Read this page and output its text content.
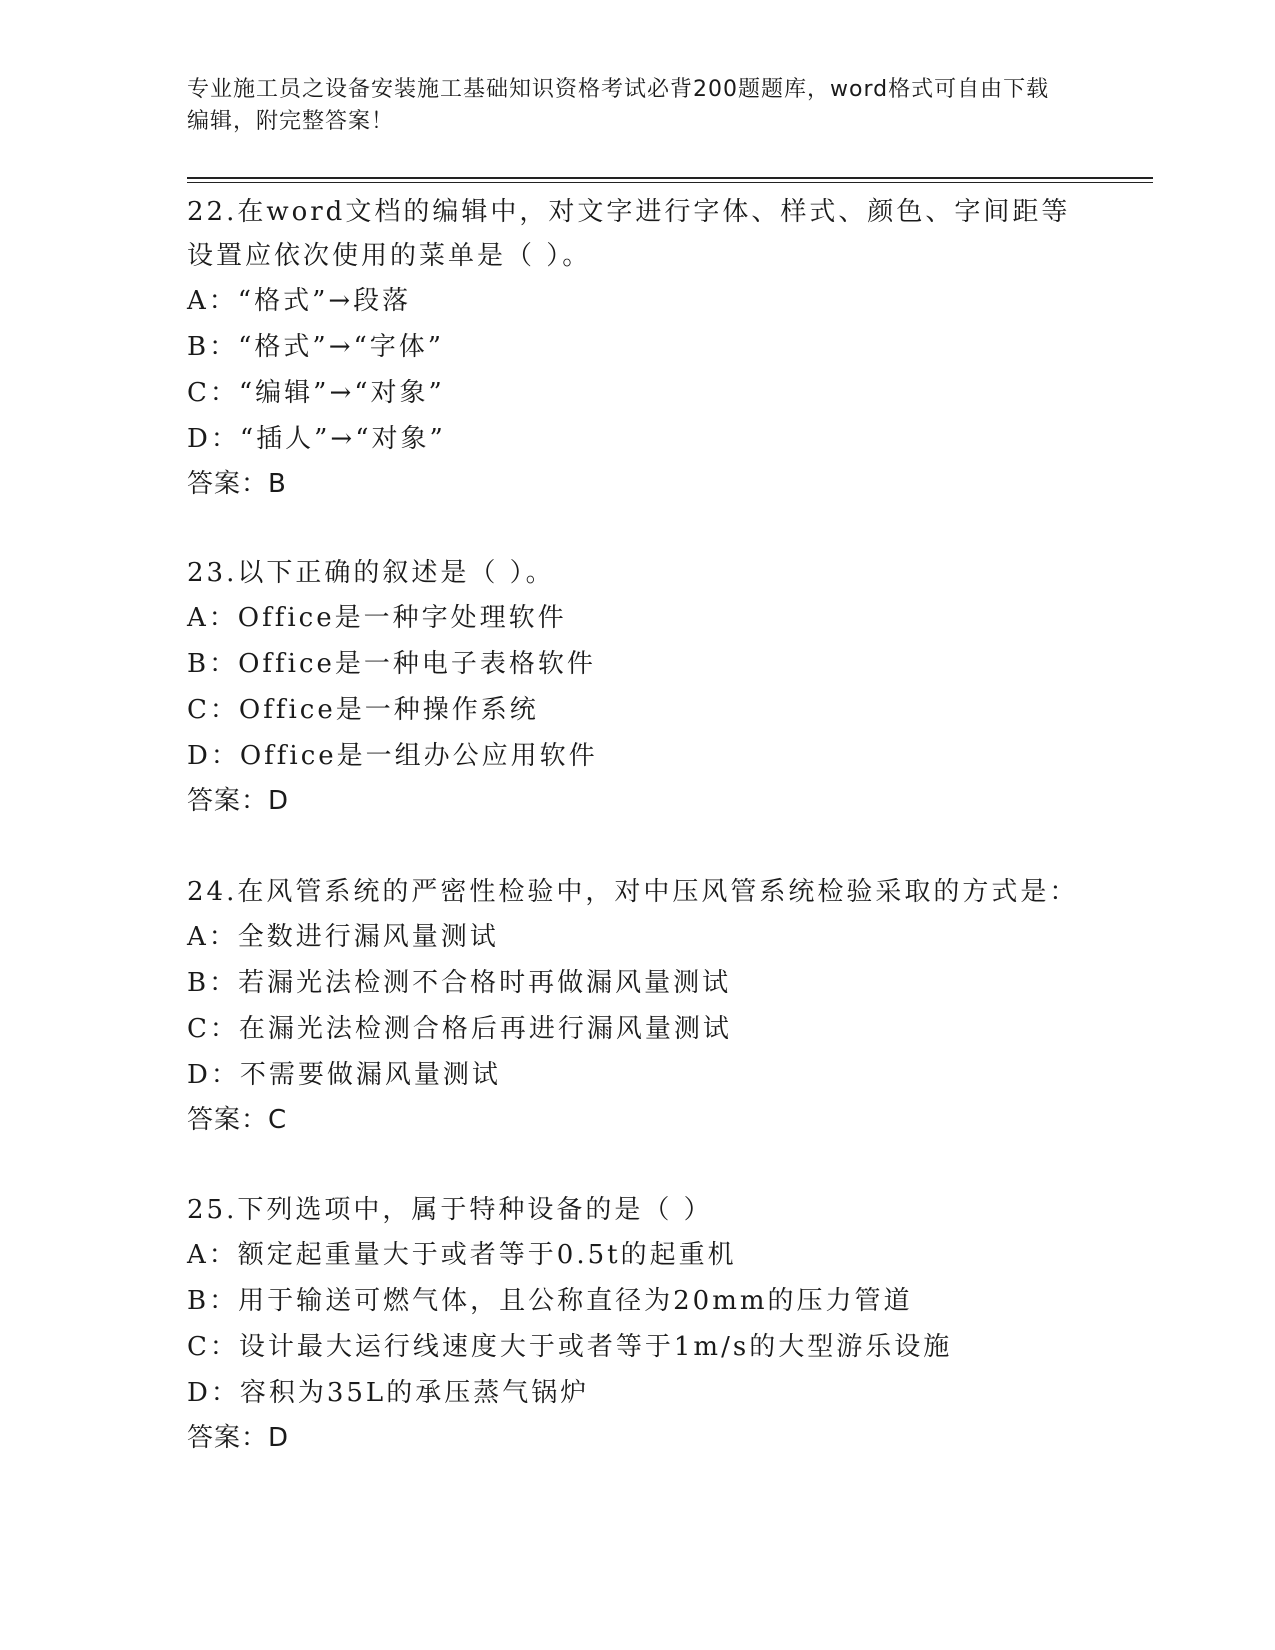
专业施工员之设备安装施工基础知识资格考试必背200题题库，word格式可自由下载编辑，附完整答案！

22.在word文档的编辑中，对文字进行字体、样式、颜色、字间距等设置应依次使用的菜单是（ ）。

A：“格式”→段落

B：“格式”→“字体”

C：“编辑”→“对象”

D：“插人”→“对象”

答案：B

23.以下正确的叙述是（ ）。

A：Office是一种字处理软件

B：Office是一种电子表格软件

C：Office是一种操作系统

D：Office是一组办公应用软件

答案：D

24.在风管系统的严密性检验中，对中压风管系统检验采取的方式是：

A：全数进行漏风量测试

B：若漏光法检测不合格时再做漏风量测试

C：在漏光法检测合格后再进行漏风量测试

D：不需要做漏风量测试

答案：C

25.下列选项中，属于特种设备的是（ ）

A：额定起重量大于或者等于0.5t的起重机

B：用于输送可燃气体，且公称直径为20mm的压力管道

C：设计最大运行线速度大于或者等于1m/s的大型游乐设施

D：容积为35L的承压蒸气锅炉

答案：D
